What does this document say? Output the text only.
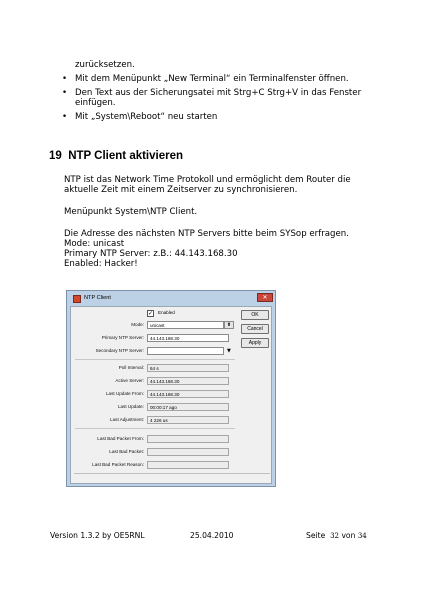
zurücksetzen.
• Mit dem Menüpunkt „New Terminal“ ein Terminalfenster öffnen.
• Den Text aus der Sicherungsatei mit Strg+C Strg+V in das Fenster
einfügen.
• Mit „System\Reboot“ neu starten
19 NTP Client aktivieren
NTP ist das Network Time Protokoll und ermöglicht dem Router die
aktuelle Zeit mit einem Zeitserver zu synchronisieren.
Menüpunkt System\NTP Client.
Die Adresse des nächsten NTP Servers bitte beim SYSop erfragen.
Mode: unicast
Primary NTP Server: z.B.: 44.143.168.30
Enabled: Hacker!
NTP Client	✕
✓ Enabled
Mode:	unicast	⬍
Primary NTP Server:	44.143.168.30
Secondary NTP Server:	▼
Poll Interval:	64 s
Active Server:	44.143.168.30
Last Update From:	44.143.168.30
Last Update:	00:00:17 ago
Last Adjustment:	4 226 us
Last Bad Packet From:
Last Bad Packet:
Last Bad Packet Reason:
OK
Cancel
Apply
Version 1.3.2 by OE5RNL	25.04.2010	Seite 32 von 34
